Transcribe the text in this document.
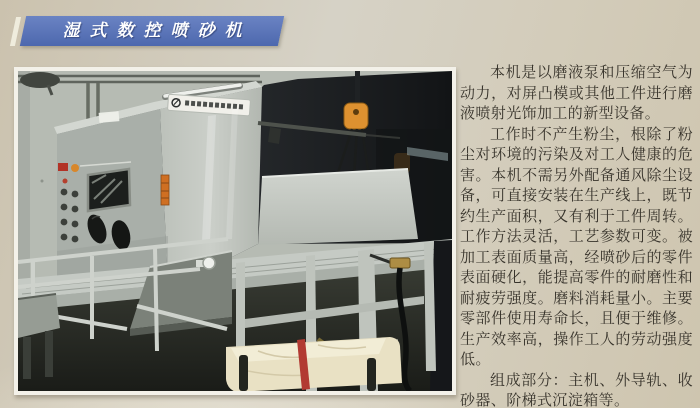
湿式数控喷砂机

本机是以磨液泵和压缩空气为动力，对屏凸模或其他工件进行磨液喷射光饰加工的新型设备。

工作时不产生粉尘，根除了粉尘对环境的污染及对工人健康的危害。本机不需另外配备通风除尘设备，可直接安装在生产线上，既节约生产面积，又有利于工件周转。工作方法灵活，工艺参数可变。被加工表面质量高，经喷砂后的零件表面硬化，能提高零件的耐磨性和耐疲劳强度。磨料消耗量小。主要零部件使用寿命长，且便于维修。生产效率高，操作工人的劳动强度低。

组成部分：主机、外导轨、收砂器、阶梯式沉淀箱等。
